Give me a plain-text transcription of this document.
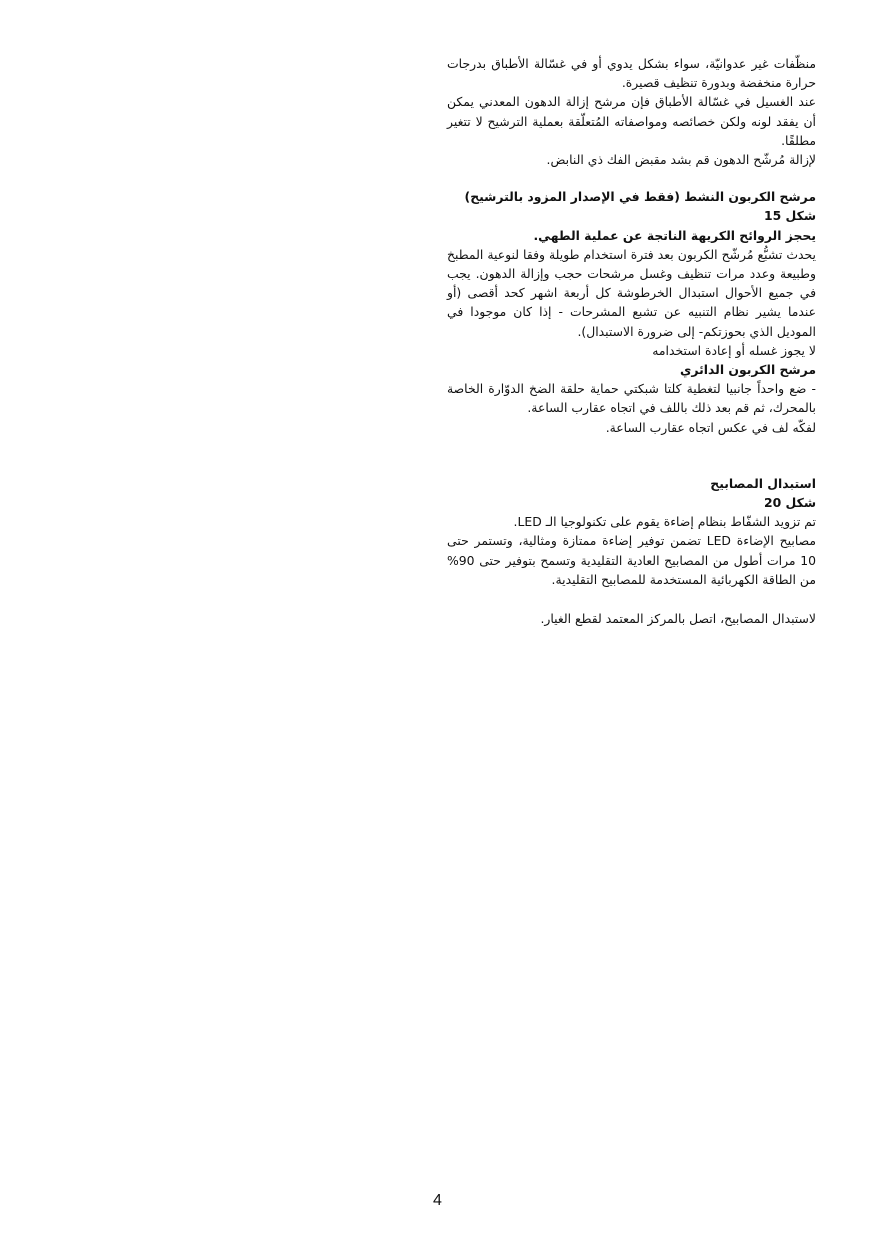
منظّفات غير عدوانيّة، سواء بشكل يدوي أو في غسّالة الأطباق بدرجات حرارة منخفضة وبدورة تنظيف قصيرة.

عند الغسيل في غسّالة الأطباق فإن مرشح إزالة الدهون المعدني يمكن أن يفقد لونه ولكن خصائصه ومواصفاته المُتعلّقة بعملية الترشيح لا تتغير مطلقًا.

لإزالة مُرشّح الدهون قم بشد مقبض الفك ذي النابض.

مرشح الكربون النشط (فقط في الإصدار المزود بالترشيح)

شكل 15

يحجز الروائح الكريهة الناتجة عن عملية الطهي.

يحدث تشبُّع مُرشّح الكربون بعد فترة استخدام طويلة وفقا لنوعية المطبخ وطبيعة وعدد مرات تنظيف وغسل مرشحات حجب وإزالة الدهون. يجب في جميع الأحوال استبدال الخرطوشة كل أربعة اشهر كحد أقصى (أو عندما يشير نظام التنبيه عن تشبع المشرحات - إذا كان موجودا في الموديل الذي بحوزتكم- إلى ضرورة الاستبدال).

لا يجوز غسله أو إعادة استخدامه

مرشح الكربون الدائري

- ضع واحداً جانبيا لتغطية كلتا شبكتي حماية حلقة الضخ الدوّارة الخاصة بالمحرك، ثم قم بعد ذلك باللف في اتجاه عقارب الساعة.

لفكّه لف في عكس اتجاه عقارب الساعة.

استبدال المصابيح

شكل 20

تم تزويد الشفّاط بنظام إضاءة يقوم على تكنولوجيا الـ LED.

مصابيح الإضاءة LED تضمن توفير إضاءة ممتازة ومثالية، وتستمر حتى 10 مرات أطول من المصابيح العادية التقليدية وتسمح بتوفير حتى 90% من الطاقة الكهربائية المستخدمة للمصابيح التقليدية.

لاستبدال المصابيح، اتصل بالمركز المعتمد لقطع الغيار.

4
